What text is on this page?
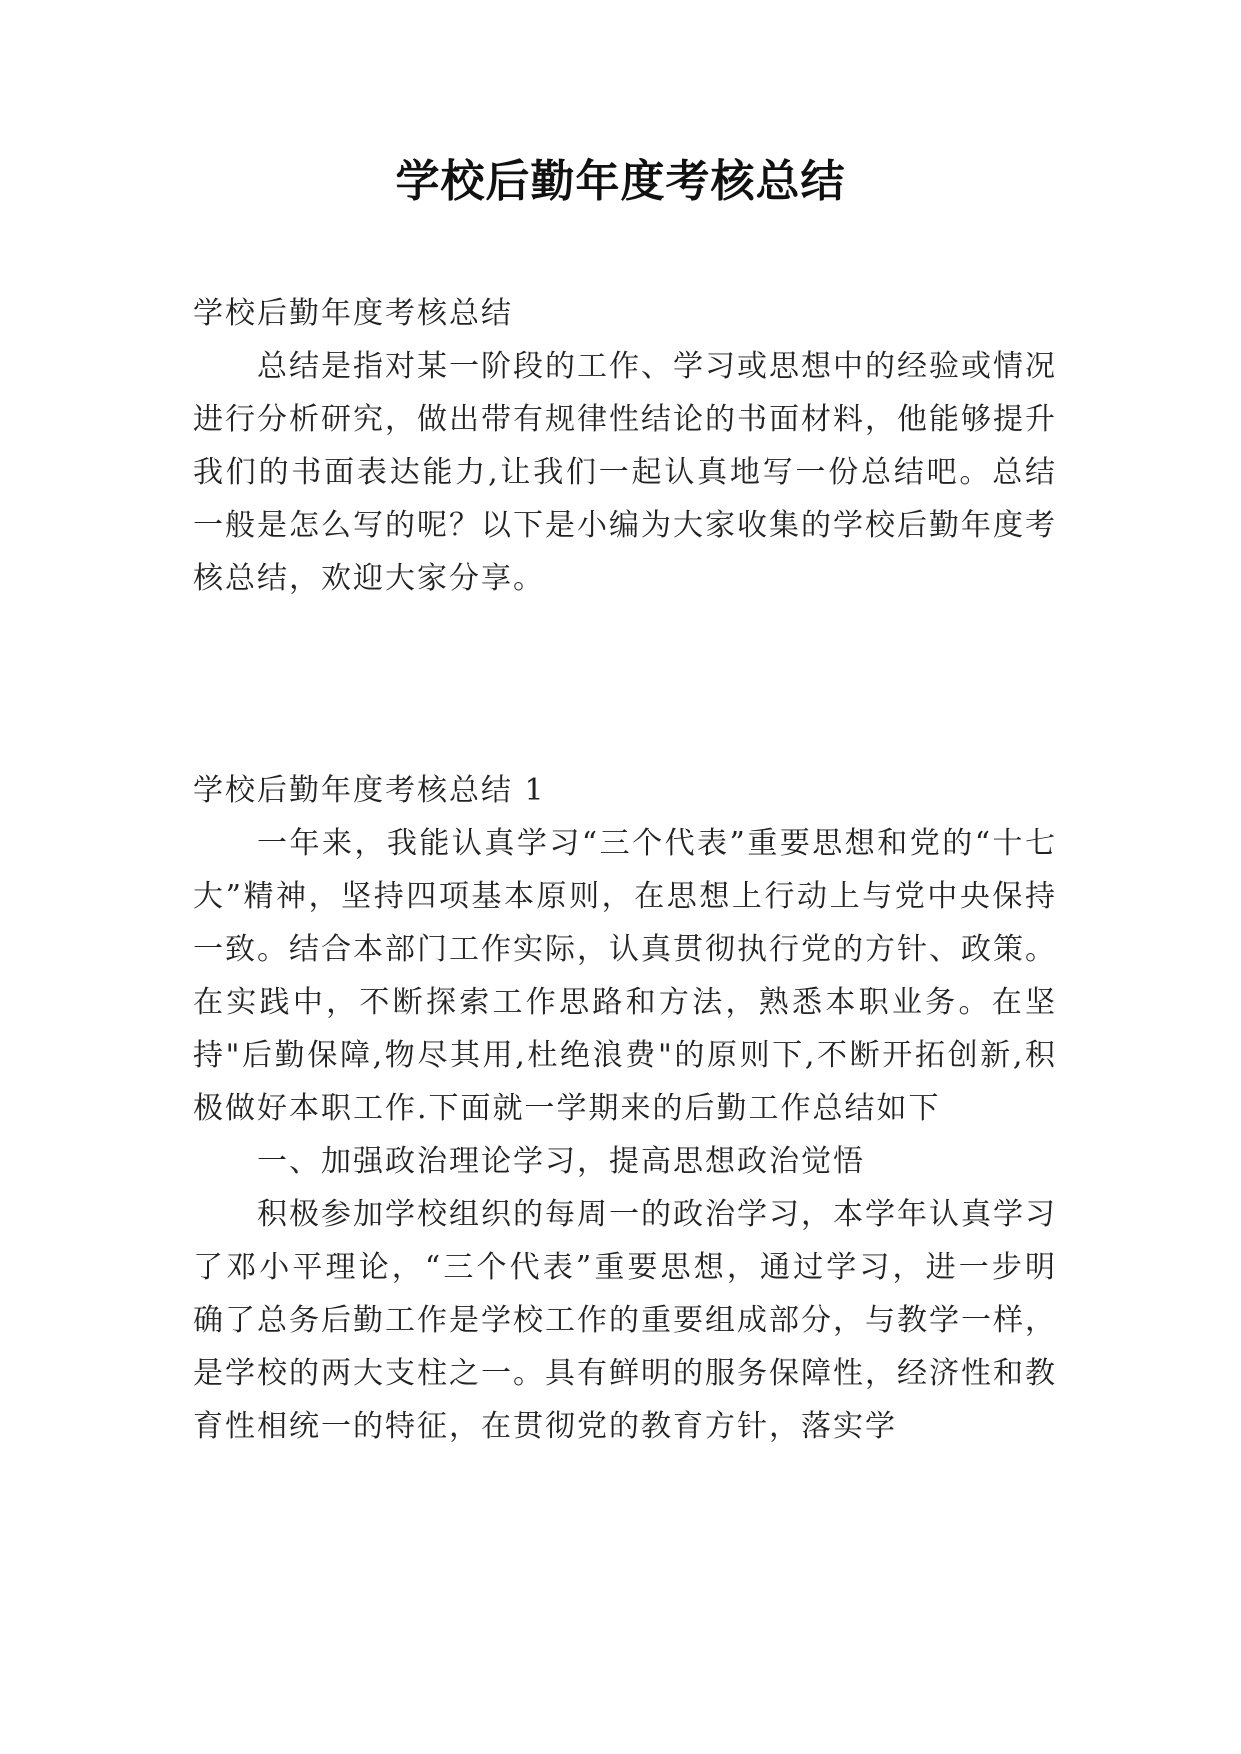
学校后勤年度考核总结

学校后勤年度考核总结

总结是指对某一阶段的工作、学习或思想中的经验或情况进行分析研究，做出带有规律性结论的书面材料，他能够提升我们的书面表达能力,让我们一起认真地写一份总结吧。总结一般是怎么写的呢？以下是小编为大家收集的学校后勤年度考核总结，欢迎大家分享。

学校后勤年度考核总结 1

一年来，我能认真学习“三个代表”重要思想和党的“十七大”精神，坚持四项基本原则，在思想上行动上与党中央保持一致。结合本部门工作实际，认真贯彻执行党的方针、政策。在实践中，不断探索工作思路和方法，熟悉本职业务。在坚持"后勤保障,物尽其用,杜绝浪费"的原则下,不断开拓创新,积极做好本职工作.下面就一学期来的后勤工作总结如下

一、加强政治理论学习，提高思想政治觉悟

积极参加学校组织的每周一的政治学习，本学年认真学习了邓小平理论，“三个代表”重要思想，通过学习，进一步明确了总务后勤工作是学校工作的重要组成部分，与教学一样，是学校的两大支柱之一。具有鲜明的服务保障性，经济性和教育性相统一的特征，在贯彻党的教育方针，落实学
